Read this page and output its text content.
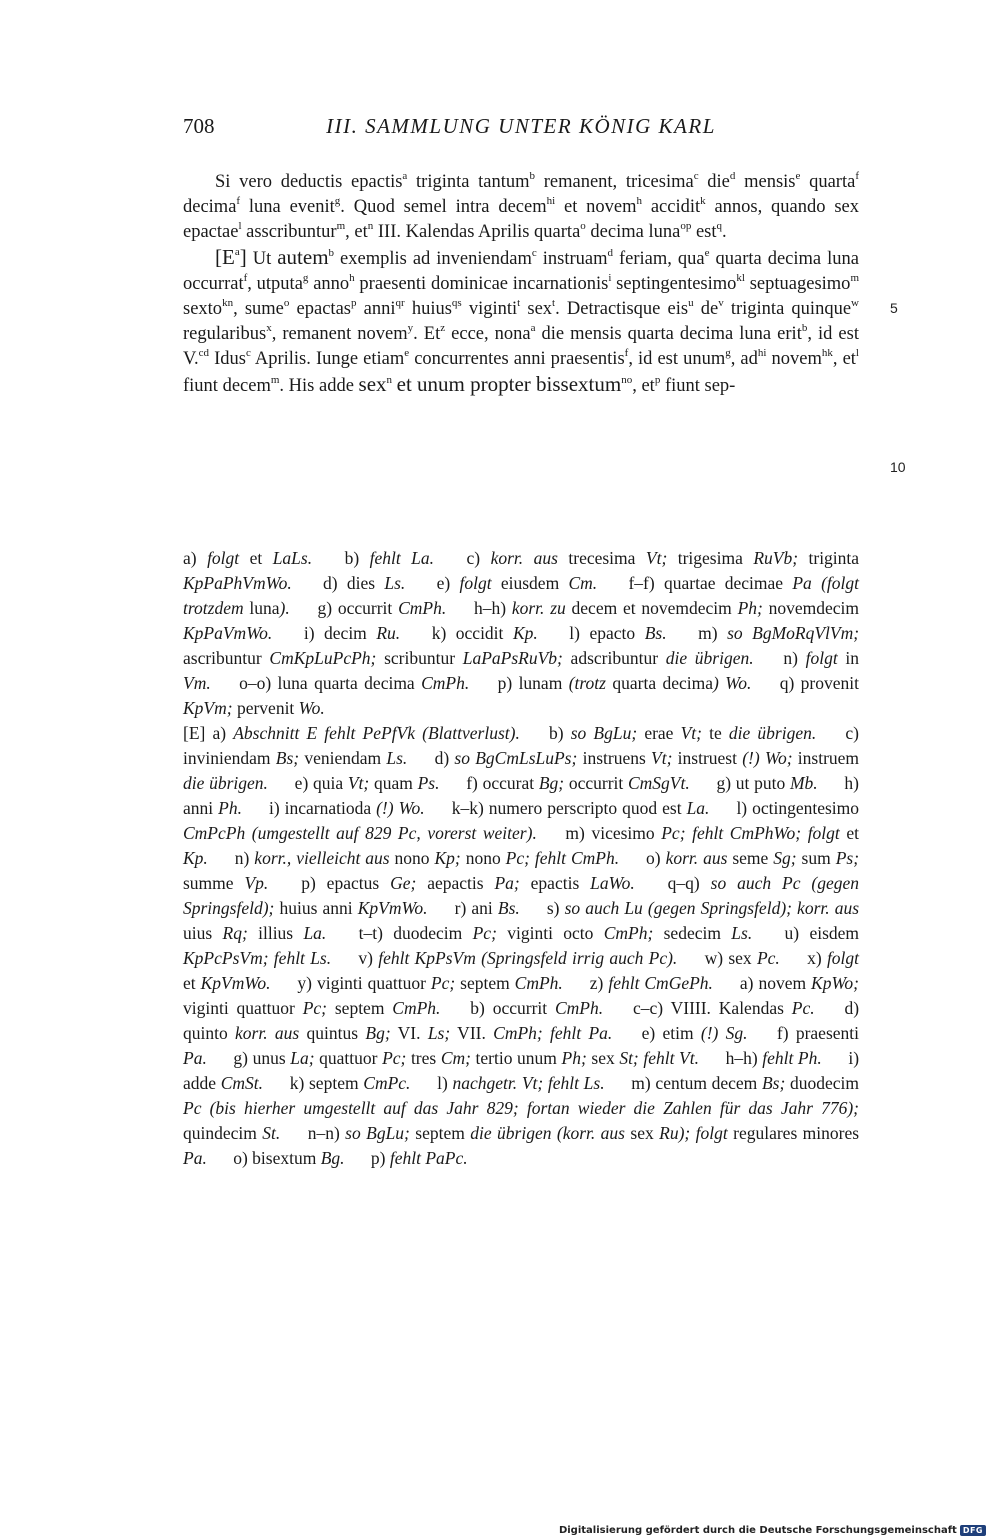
708	III. SAMMLUNG UNTER KÖNIG KARL

Si vero deductis epactis$^a$ triginta tantum$^b$ remanent, tricesima$^c$ die$^d$ mensis$^e$ quarta$^f$ decima$^f$ luna evenit$^g$. Quod semel intra decem$^{hi}$ et novem$^h$ accidit$^k$ annos, quando sex epactae$^l$ asscribuntur$^m$, $et^n$ III. Kalendas Aprilis quarta$^o$ decima luna$^{op}$ est$^q$.

$[E^a]$ Ut autem$^b$ exemplis ad inveniendam$^c$ instruam$^d$ feriam, qua$^e$ quarta decima luna occurrat$^f$, utputa$^g$ anno$^h$ praesenti dominicae incarnationis$^i$ septingentesimo$^{kl}$ septuagesimo$^m$ sexto$^{kn}$, sume$^o$ epactas$^p$ anni$^{qr}$ huius$^{qs}$ viginti$^t$ sex$^t$. Detractisque eis$^u$ $de^v$ triginta quinque$^w$ regularibus$^x$, remanent novem$^y$. Et$^z$ ecce, nona$^a$ die mensis quarta decima luna erit$^b$, id est V.$^{cd}$ Idus$^c$ Aprilis. Iunge etiam$^e$ concurrentes anni praesentis$^f$, id est unum$^g$, $ad^{hi}$ novem$^{hk}$, $et^l$ fiunt decem$^m$. His adde sex$^n$ et unum propter bissextum$^{no}$, $et^p$ fiunt sep-

5
10

a) folgt et LaLs. b) fehlt La. c) korr. aus trecesima Vt; trigesima RuVb; triginta KpPaPhVmWo. d) dies Ls. e) folgt eiusdem Cm. f–f) quartae decimae Pa (folgt trotzdem luna). g) occurrit CmPh. h–h) korr. zu decem et novemdecim Ph; novemdecim KpPaVmWo. i) decim Ru. k) occidit Kp. l) epacto Bs. m) so BgMoRqVlVm; ascribuntur CmKpLuPcPh; scribuntur LaPaPsRuVb; adscribuntur die übrigen. n) folgt in Vm. o–o) luna quarta decima CmPh. p) lunam (trotz quarta decima) Wo. q) provenit KpVm; pervenit Wo.

[E] a) Abschnitt E fehlt PePfVk (Blattverlust). b) so BgLu; erae Vt; te die übrigen. c) inviniendam Bs; veniendam Ls. d) so BgCmLsLuPs; instruens Vt; instruest (!) Wo; instruem die übrigen. e) quia Vt; quam Ps. f) occurat Bg; occurrit CmSgVt. g) ut puto Mb. h) anni Ph. i) incarnatioda (!) Wo. k–k) numero perscripto quod est La. l) octingentesimo CmPcPh (umgestellt auf 829 Pc, vorerst weiter). m) vicesimo Pc; fehlt CmPhWo; folgt et Kp. n) korr., vielleicht aus nono Kp; nono Pc; fehlt CmPh. o) korr. aus seme Sg; sum Ps; summe Vp. p) epactus Ge; aepactis Pa; epactis LaWo. q–q) so auch Pc (gegen Springsfeld); huius anni KpVmWo. r) ani Bs. s) so auch Lu (gegen Springsfeld); korr. aus uius Rq; illius La. t–t) duodecim Pc; viginti octo CmPh; sedecim Ls. u) eisdem KpPcPsVm; fehlt Ls. v) fehlt KpPsVm (Springsfeld irrig auch Pc). w) sex Pc. x) folgt et KpVmWo. y) viginti quattuor Pc; septem CmPh. z) fehlt CmGePh. a) novem KpWo; viginti quattuor Pc; septem CmPh. b) occurrit CmPh. c–c) VIIII. Kalendas Pc. d) quinto korr. aus quintus Bg; VI. Ls; VII. CmPh; fehlt Pa. e) etim (!) Sg. f) praesenti Pa. g) unus La; quattuor Pc; tres Cm; tertio unum Ph; sex St; fehlt Vt. h–h) fehlt Ph. i) adde CmSt. k) septem CmPc. l) nachgetr. Vt; fehlt Ls. m) centum decem Bs; duodecim Pc (bis hierher umgestellt auf das Jahr 829; fortan wieder die Zahlen für das Jahr 776); quindecim St. n–n) so BgLu; septem die übrigen (korr. aus sex Ru); folgt regulares minores Pa. o) bisextum Bg. p) fehlt PaPc.

Digitalisierung gefördert durch die Deutsche Forschungsgemeinschaft DFG
